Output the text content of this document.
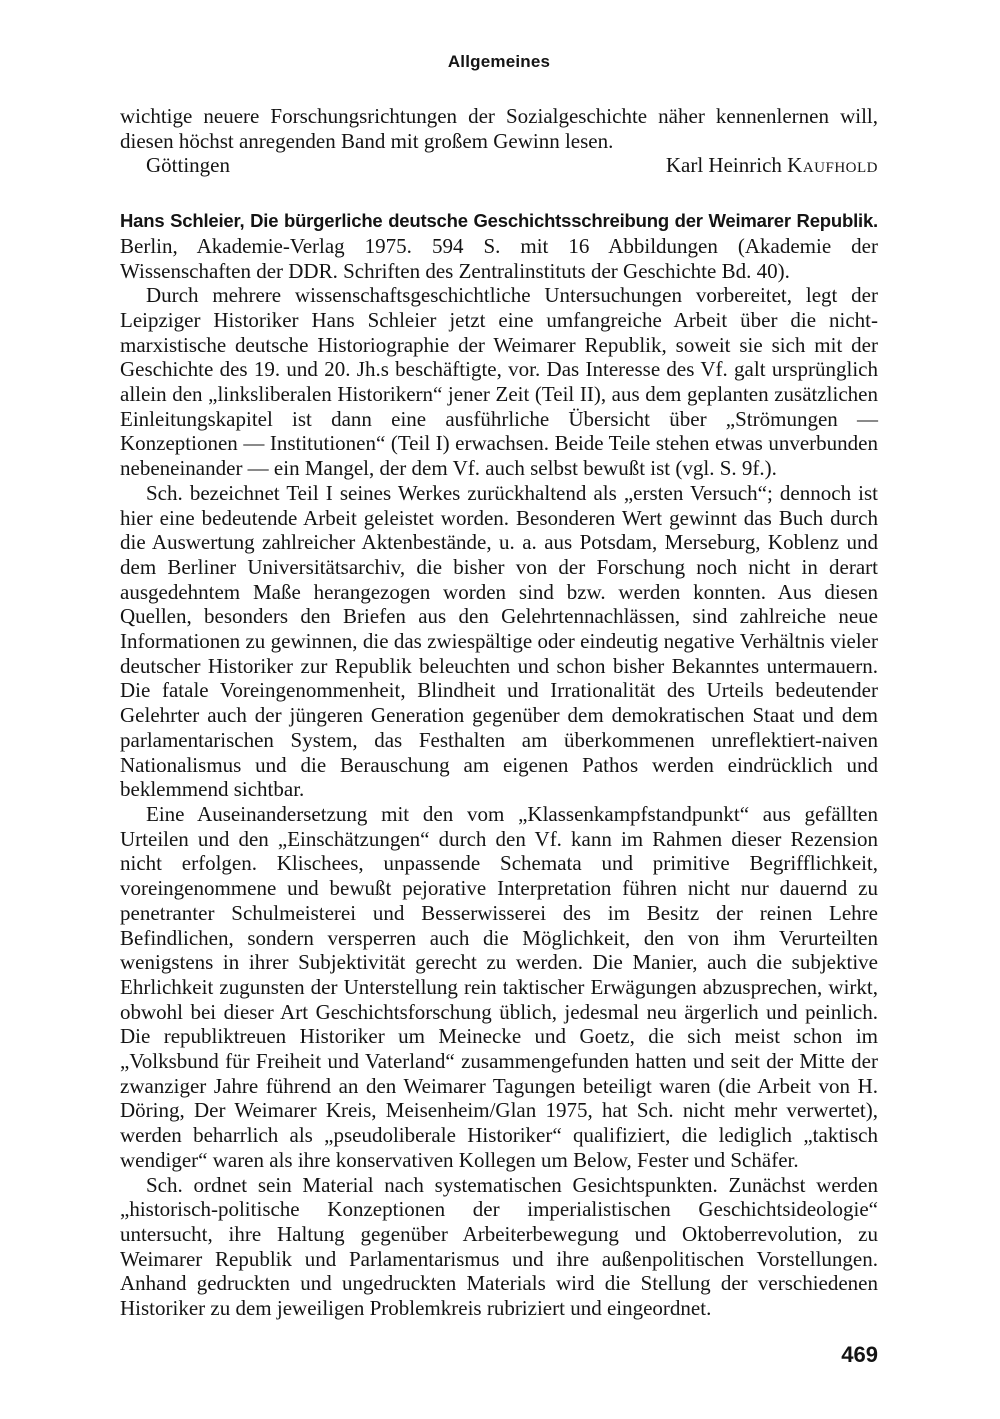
Allgemeines

wichtige neuere Forschungsrichtungen der Sozialgeschichte näher kennenlernen will, diesen höchst anregenden Band mit großem Gewinn lesen.

Göttingen	Karl Heinrich Kaufhold

Hans Schleier, Die bürgerliche deutsche Geschichtsschreibung der Weimarer Republik. Berlin, Akademie-Verlag 1975. 594 S. mit 16 Abbildungen (Akademie der Wissenschaften der DDR. Schriften des Zentralinstituts der Geschichte Bd. 40).

Durch mehrere wissenschaftsgeschichtliche Untersuchungen vorbereitet, legt der Leipziger Historiker Hans Schleier jetzt eine umfangreiche Arbeit über die nicht-marxistische deutsche Historiographie der Weimarer Republik, soweit sie sich mit der Geschichte des 19. und 20. Jh.s beschäftigte, vor. Das Interesse des Vf. galt ursprünglich allein den „linksliberalen Historikern“ jener Zeit (Teil II), aus dem geplanten zusätzlichen Einleitungskapitel ist dann eine ausführliche Übersicht über „Strömungen — Konzeptionen — Institutionen“ (Teil I) erwachsen. Beide Teile stehen etwas unverbunden nebeneinander — ein Mangel, der dem Vf. auch selbst bewußt ist (vgl. S. 9f.).

Sch. bezeichnet Teil I seines Werkes zurückhaltend als „ersten Versuch“; dennoch ist hier eine bedeutende Arbeit geleistet worden. Besonderen Wert gewinnt das Buch durch die Auswertung zahlreicher Aktenbestände, u. a. aus Potsdam, Merseburg, Koblenz und dem Berliner Universitätsarchiv, die bisher von der Forschung noch nicht in derart ausgedehntem Maße herangezogen worden sind bzw. werden konnten. Aus diesen Quellen, besonders den Briefen aus den Gelehrtennachlässen, sind zahlreiche neue Informationen zu gewinnen, die das zwiespältige oder eindeutig negative Verhältnis vieler deutscher Historiker zur Republik beleuchten und schon bisher Bekanntes untermauern. Die fatale Voreingenommenheit, Blindheit und Irrationalität des Urteils bedeutender Gelehrter auch der jüngeren Generation gegenüber dem demokratischen Staat und dem parlamentarischen System, das Festhalten am überkommenen unreflektiert-naiven Nationalismus und die Berauschung am eigenen Pathos werden eindrücklich und beklemmend sichtbar.

Eine Auseinandersetzung mit den vom „Klassenkampfstandpunkt“ aus gefällten Urteilen und den „Einschätzungen“ durch den Vf. kann im Rahmen dieser Rezension nicht erfolgen. Klischees, unpassende Schemata und primitive Begrifflichkeit, voreingenommene und bewußt pejorative Interpretation führen nicht nur dauernd zu penetranter Schulmeisterei und Besserwisserei des im Besitz der reinen Lehre Befindlichen, sondern versperren auch die Möglichkeit, den von ihm Verurteilten wenigstens in ihrer Subjektivität gerecht zu werden. Die Manier, auch die subjektive Ehrlichkeit zugunsten der Unterstellung rein taktischer Erwägungen abzusprechen, wirkt, obwohl bei dieser Art Geschichtsforschung üblich, jedesmal neu ärgerlich und peinlich. Die republiktreuen Historiker um Meinecke und Goetz, die sich meist schon im „Volksbund für Freiheit und Vaterland“ zusammengefunden hatten und seit der Mitte der zwanziger Jahre führend an den Weimarer Tagungen beteiligt waren (die Arbeit von H. Döring, Der Weimarer Kreis, Meisenheim/Glan 1975, hat Sch. nicht mehr verwertet), werden beharrlich als „pseudoliberale Historiker“ qualifiziert, die lediglich „taktisch wendiger“ waren als ihre konservativen Kollegen um Below, Fester und Schäfer.

Sch. ordnet sein Material nach systematischen Gesichtspunkten. Zunächst werden „historisch-politische Konzeptionen der imperialistischen Geschichtsideologie“ untersucht, ihre Haltung gegenüber Arbeiterbewegung und Oktoberrevolution, zu Weimarer Republik und Parlamentarismus und ihre außenpolitischen Vorstellungen. Anhand gedruckten und ungedruckten Materials wird die Stellung der verschiedenen Historiker zu dem jeweiligen Problemkreis rubriziert und eingeordnet.

469
